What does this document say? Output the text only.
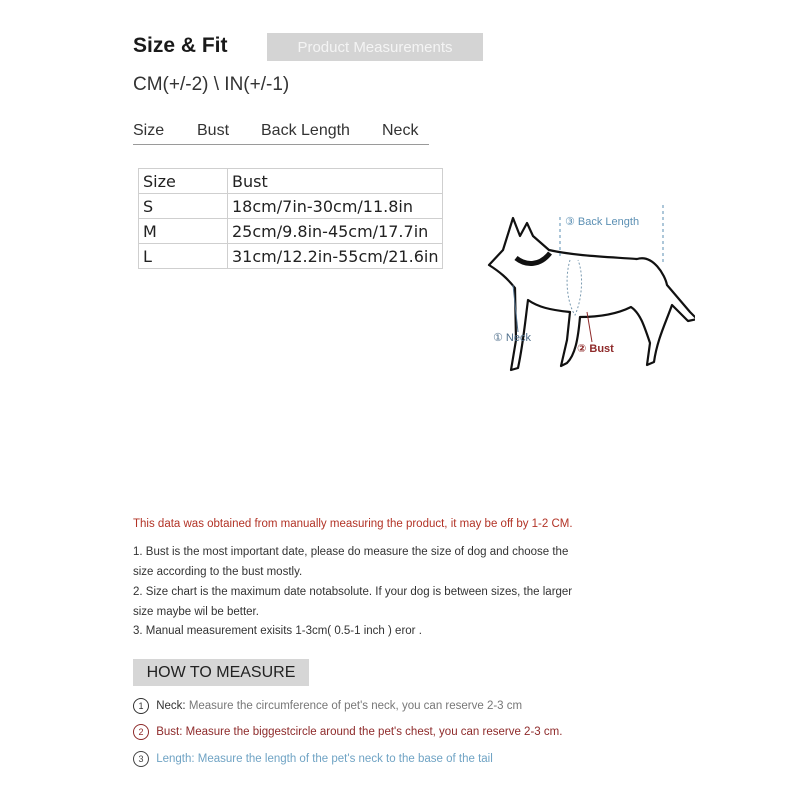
Size & Fit	Product Measurements
CM(+/-2) \ IN(+/-1)
Size Bust Back Length Neck
Size	Bust
S	18cm/7in-30cm/11.8in
M	25cm/9.8in-45cm/17.7in
L	31cm/12.2in-55cm/21.6in
③ Back Length
① Neck
② Bust
This data was obtained from manually measuring the product, it may be off by 1-2 CM.
1. Bust is the most important date, please do measure the size of dog and choose the
size according to the bust mostly.
2. Size chart is the maximum date notabsolute. If your dog is between sizes, the larger
size maybe wil be better.
3. Manual measurement exisits 1-3cm( 0.5-1 inch ) eror .
HOW TO MEASURE
1 Neck: Measure the circumference of pet's neck, you can reserve 2-3 cm
2 Bust: Measure the biggestcircle around the pet's chest, you can reserve 2-3 cm.
3 Length: Measure the length of the pet's neck to the base of the tail
